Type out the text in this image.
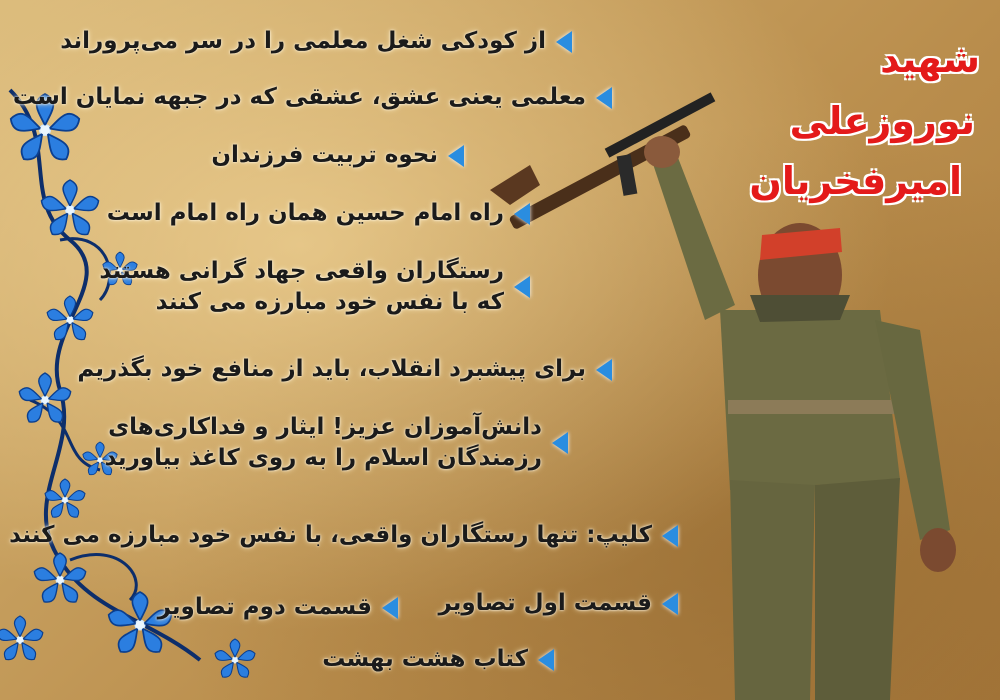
شهید
نوروزعلی
امیرفخریان
از کودکی شغل معلمی را در سر می‌پروراند
معلمی یعنی عشق، عشقی که در جبهه نمایان است
نحوه تربیت فرزندان
راه امام حسین همان راه امام است
رستگاران واقعی جهاد گرانی هستند
که با نفس خود مبارزه می کنند
برای پیشبرد انقلاب، باید از منافع خود بگذریم
دانش‌آموزان عزیز! ایثار و فداکاری‌های
رزمندگان اسلام را به روی کاغذ بیاورید
کلیپ: تنها رستگاران واقعی، با نفس خود مبارزه می کنند
قسمت اول تصاویر
قسمت دوم تصاویر
کتاب هشت بهشت
